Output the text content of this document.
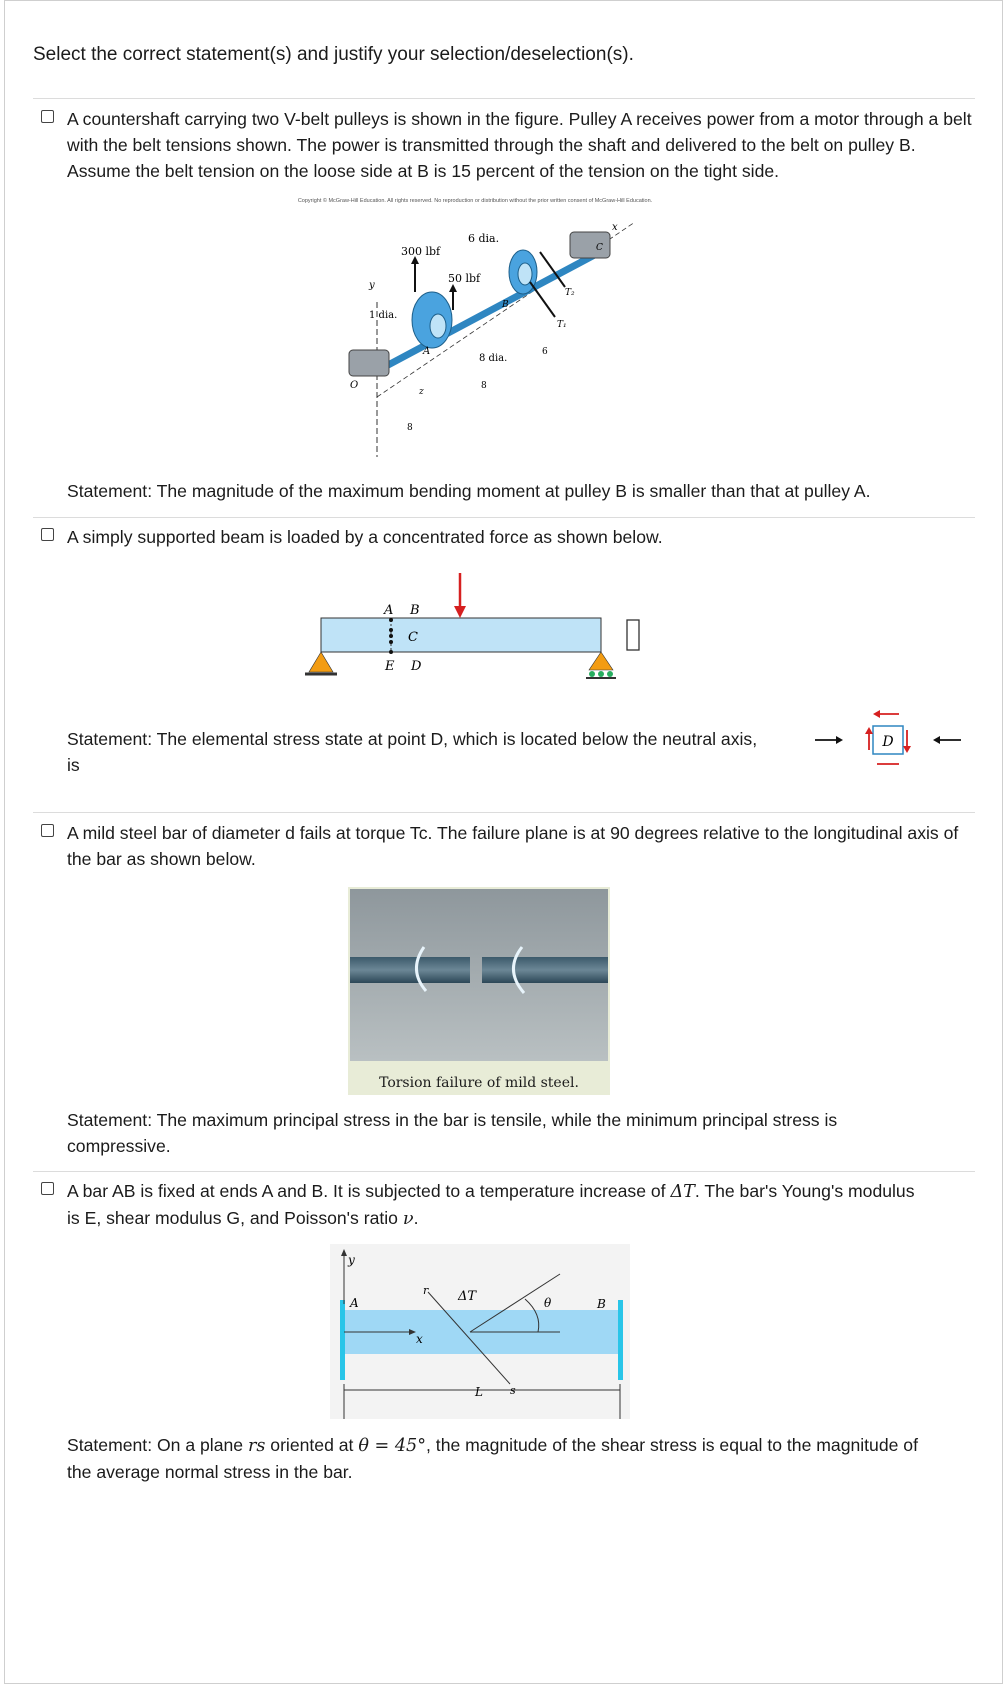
Select the correct statement(s) and justify your selection/deselection(s).
A countershaft carrying two V-belt pulleys is shown in the figure. Pulley A receives power from a motor through a belt with the belt tensions shown. The power is transmitted through the shaft and delivered to the belt on pulley B. Assume the belt tension on the loose side at B is 15 percent of the tension on the tight side.
Copyright © McGraw-Hill Education. All rights reserved. No reproduction or distribution without the prior written consent of McGraw-Hill Education.
300 lbf
50 lbf
6 dia.
1 dia.
8 dia.
8
8
6
A
B
C
O
x
y
z
T₁
T₂
Statement: The magnitude of the maximum bending moment at pulley B is smaller than that at pulley A.
A simply supported beam is loaded by a concentrated force as shown below.
A B
C
E D
Statement: The elemental stress state at point D, which is located below the neutral axis, is
D
A mild steel bar of diameter d fails at torque Tc. The failure plane is at 90 degrees relative to the longitudinal axis of the bar as shown below.
Torsion failure of mild steel.
Statement: The maximum principal stress in the bar is tensile, while the minimum principal stress is compressive.
A bar AB is fixed at ends A and B. It is subjected to a temperature increase of ΔT. The bar's Young's modulus is E, shear modulus G, and Poisson's ratio ν.
y
A
r ΔT	θ	B
x
L s
Statement: On a plane rs oriented at θ = 45°, the magnitude of the shear stress is equal to the magnitude of the average normal stress in the bar.
